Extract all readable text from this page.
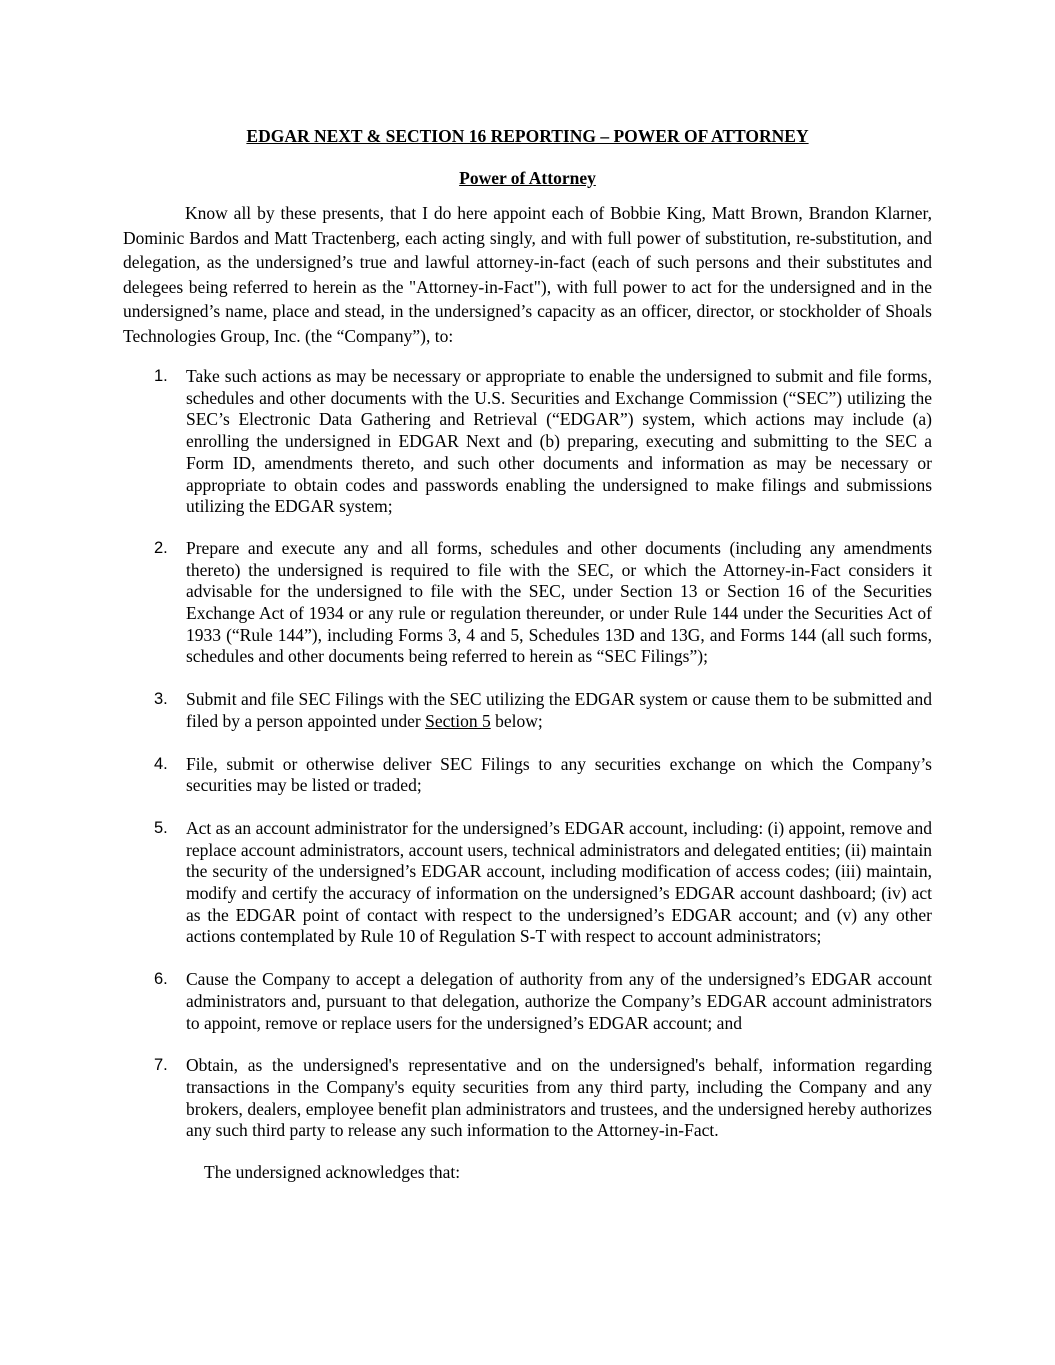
EDGAR NEXT & SECTION 16 REPORTING – POWER OF ATTORNEY

Power of Attorney

Know all by these presents, that I do here appoint each of Bobbie King, Matt Brown, Brandon Klarner, Dominic Bardos and Matt Tractenberg, each acting singly, and with full power of substitution, re-substitution, and delegation, as the undersigned’s true and lawful attorney-in-fact (each of such persons and their substitutes and delegees being referred to herein as the "Attorney-in-Fact"), with full power to act for the undersigned and in the undersigned’s name, place and stead, in the undersigned’s capacity as an officer, director, or stockholder of Shoals Technologies Group, Inc. (the “Company”), to:

1. Take such actions as may be necessary or appropriate to enable the undersigned to submit and file forms, schedules and other documents with the U.S. Securities and Exchange Commission (“SEC”) utilizing the SEC’s Electronic Data Gathering and Retrieval (“EDGAR”) system, which actions may include (a) enrolling the undersigned in EDGAR Next and (b) preparing, executing and submitting to the SEC a Form ID, amendments thereto, and such other documents and information as may be necessary or appropriate to obtain codes and passwords enabling the undersigned to make filings and submissions utilizing the EDGAR system;
2. Prepare and execute any and all forms, schedules and other documents (including any amendments thereto) the undersigned is required to file with the SEC, or which the Attorney-in-Fact considers it advisable for the undersigned to file with the SEC, under Section 13 or Section 16 of the Securities Exchange Act of 1934 or any rule or regulation thereunder, or under Rule 144 under the Securities Act of 1933 (“Rule 144”), including Forms 3, 4 and 5, Schedules 13D and 13G, and Forms 144 (all such forms, schedules and other documents being referred to herein as “SEC Filings”);
3. Submit and file SEC Filings with the SEC utilizing the EDGAR system or cause them to be submitted and filed by a person appointed under Section 5 below;
4. File, submit or otherwise deliver SEC Filings to any securities exchange on which the Company’s securities may be listed or traded;
5. Act as an account administrator for the undersigned’s EDGAR account, including: (i) appoint, remove and replace account administrators, account users, technical administrators and delegated entities; (ii) maintain the security of the undersigned’s EDGAR account, including modification of access codes; (iii) maintain, modify and certify the accuracy of information on the undersigned’s EDGAR account dashboard; (iv) act as the EDGAR point of contact with respect to the undersigned’s EDGAR account; and (v) any other actions contemplated by Rule 10 of Regulation S-T with respect to account administrators;
6. Cause the Company to accept a delegation of authority from any of the undersigned’s EDGAR account administrators and, pursuant to that delegation, authorize the Company’s EDGAR account administrators to appoint, remove or replace users for the undersigned’s EDGAR account; and
7. Obtain, as the undersigned's representative and on the undersigned's behalf, information regarding transactions in the Company's equity securities from any third party, including the Company and any brokers, dealers, employee benefit plan administrators and trustees, and the undersigned hereby authorizes any such third party to release any such information to the Attorney-in-Fact.

The undersigned acknowledges that:
